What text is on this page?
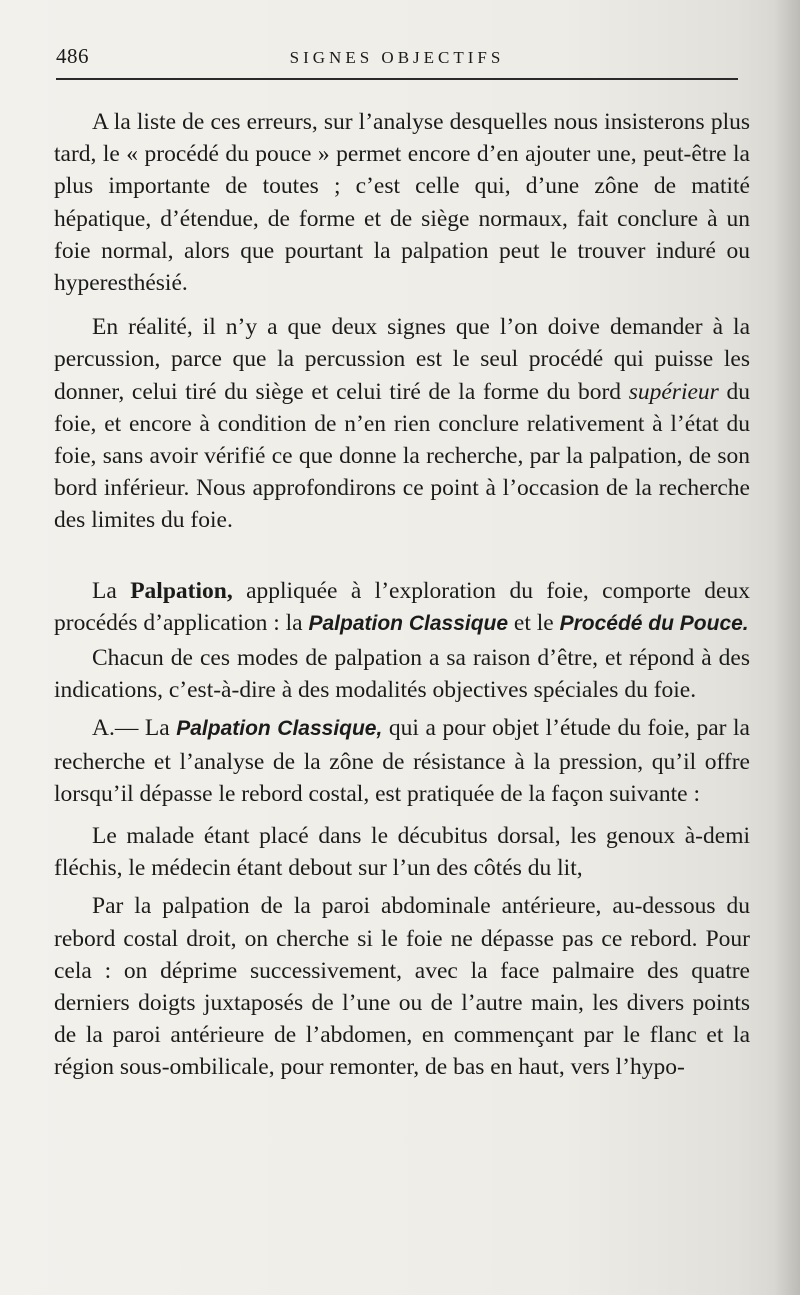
486	SIGNES OBJECTIFS

A la liste de ces erreurs, sur l’analyse desquelles nous insisterons plus tard, le « procédé du pouce » permet encore d’en ajouter une, peut-être la plus importante de toutes ; c’est celle qui, d’une zône de matité hépatique, d’étendue, de forme et de siège normaux, fait conclure à un foie normal, alors que pourtant la palpation peut le trouver induré ou hyperesthésié.

En réalité, il n’y a que deux signes que l’on doive demander à la percussion, parce que la percussion est le seul procédé qui puisse les donner, celui tiré du siège et celui tiré de la forme du bord supérieur du foie, et encore à condition de n’en rien conclure relativement à l’état du foie, sans avoir vérifié ce que donne la recherche, par la palpation, de son bord inférieur. Nous approfondirons ce point à l’occasion de la recherche des limites du foie.

La Palpation, appliquée à l’exploration du foie, comporte deux procédés d’application : la Palpation Classique et le Procédé du Pouce.

Chacun de ces modes de palpation a sa raison d’être, et répond à des indications, c’est-à-dire à des modalités objectives spéciales du foie.

A.— La Palpation Classique, qui a pour objet l’étude du foie, par la recherche et l’analyse de la zône de résistance à la pression, qu’il offre lorsqu’il dépasse le rebord costal, est pratiquée de la façon suivante :

Le malade étant placé dans le décubitus dorsal, les genoux à-demi fléchis, le médecin étant debout sur l’un des côtés du lit,

Par la palpation de la paroi abdominale antérieure, au-dessous du rebord costal droit, on cherche si le foie ne dépasse pas ce rebord. Pour cela : on déprime successivement, avec la face palmaire des quatre derniers doigts juxtaposés de l’une ou de l’autre main, les divers points de la paroi antérieure de l’abdomen, en commençant par le flanc et la région sous-ombilicale, pour remonter, de bas en haut, vers l’hypo-
